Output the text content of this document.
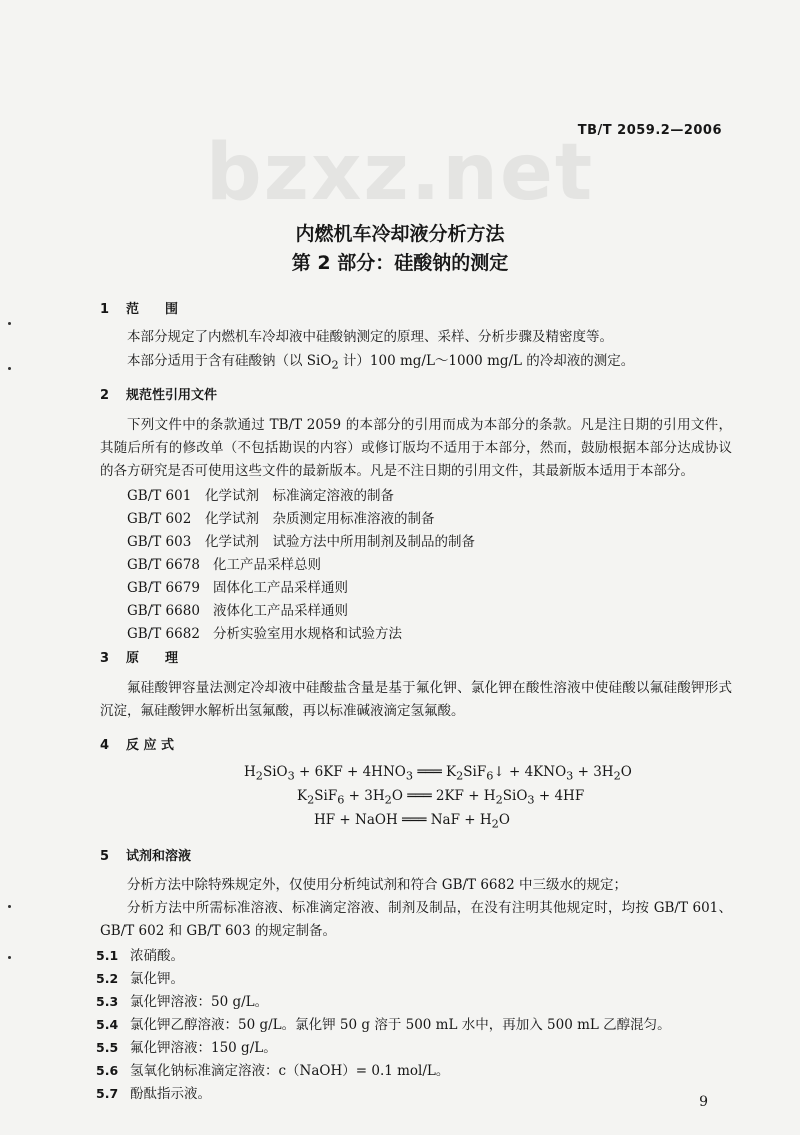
bzxz.net
TB/T 2059.2—2006
内燃机车冷却液分析方法
第 2 部分：硅酸钠的测定
1 范　　围
本部分规定了内燃机车冷却液中硅酸钠测定的原理、采样、分析步骤及精密度等。
本部分适用于含有硅酸钠（以 SiO$_2$ 计）100 mg/L～1000 mg/L 的冷却液的测定。
2 规范性引用文件
下列文件中的条款通过 TB/T 2059 的本部分的引用而成为本部分的条款。凡是注日期的引用文件，其随后所有的修改单（不包括勘误的内容）或修订版均不适用于本部分，然而，鼓励根据本部分达成协议的各方研究是否可使用这些文件的最新版本。凡是不注日期的引用文件，其最新版本适用于本部分。
GB/T 601 化学试剂　标准滴定溶液的制备
GB/T 602 化学试剂　杂质测定用标准溶液的制备
GB/T 603 化学试剂　试验方法中所用制剂及制品的制备
GB/T 6678 化工产品采样总则
GB/T 6679 固体化工产品采样通则
GB/T 6680 液体化工产品采样通则
GB/T 6682 分析实验室用水规格和试验方法
3 原　　理
氟硅酸钾容量法测定冷却液中硅酸盐含量是基于氟化钾、氯化钾在酸性溶液中使硅酸以氟硅酸钾形式沉淀，氟硅酸钾水解析出氢氟酸，再以标准碱液滴定氢氟酸。
4 反 应 式
$H_2SiO_3 + 6KF + 4HNO_3$ ═══ $K_2SiF_6↓ + 4KNO_3 + 3H_2O$
$K_2SiF_6 + 3H_2O$ ═══ $2KF + H_2SiO_3 + 4HF$
HF + NaOH ═══ NaF + $H_2O$
5 试剂和溶液
分析方法中除特殊规定外，仅使用分析纯试剂和符合 GB/T 6682 中三级水的规定；
分析方法中所需标准溶液、标准滴定溶液、制剂及制品，在没有注明其他规定时，均按 GB/T 601、GB/T 602 和 GB/T 603 的规定制备。
5.1 浓硝酸。
5.2 氯化钾。
5.3 氯化钾溶液：50 g/L。
5.4 氯化钾乙醇溶液：50 g/L。氯化钾 50 g 溶于 500 mL 水中，再加入 500 mL 乙醇混匀。
5.5 氟化钾溶液：150 g/L。
5.6 氢氧化钠标准滴定溶液：c（NaOH）= 0.1 mol/L。
5.7 酚酞指示液。	9
